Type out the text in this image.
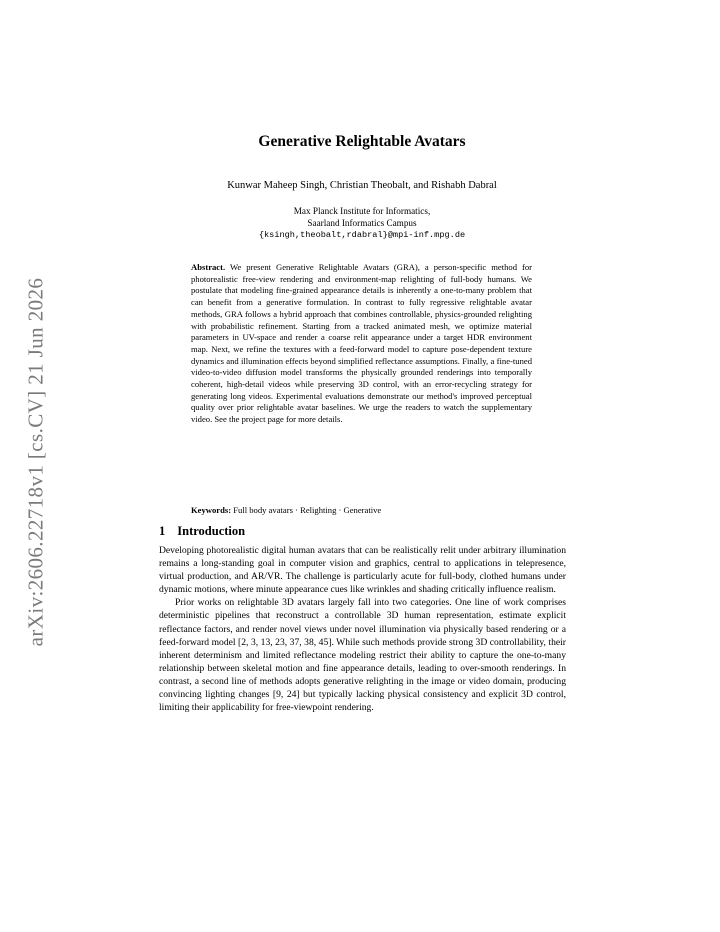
arXiv:2606.22718v1 [cs.CV] 21 Jun 2026
Generative Relightable Avatars
Kunwar Maheep Singh, Christian Theobalt, and Rishabh Dabral
Max Planck Institute for Informatics,
Saarland Informatics Campus
{ksingh,theobalt,rdabral}@mpi-inf.mpg.de
Abstract. We present Generative Relightable Avatars (GRA), a person-specific method for photorealistic free-view rendering and environment-map relighting of full-body humans. We postulate that modeling fine-grained appearance details is inherently a one-to-many problem that can benefit from a generative formulation. In contrast to fully regressive relightable avatar methods, GRA follows a hybrid approach that combines controllable, physics-grounded relighting with probabilistic refinement. Starting from a tracked animated mesh, we optimize material parameters in UV-space and render a coarse relit appearance under a target HDR environment map. Next, we refine the textures with a feed-forward model to capture pose-dependent texture dynamics and illumination effects beyond simplified reflectance assumptions. Finally, a fine-tuned video-to-video diffusion model transforms the physically grounded renderings into temporally coherent, high-detail videos while preserving 3D control, with an error-recycling strategy for generating long videos. Experimental evaluations demonstrate our method's improved perceptual quality over prior relightable avatar baselines. We urge the readers to watch the supplementary video. See the project page for more details.
Keywords: Full body avatars · Relighting · Generative
1 Introduction

Developing photorealistic digital human avatars that can be realistically relit under arbitrary illumination remains a long-standing goal in computer vision and graphics, central to applications in telepresence, virtual production, and AR/VR. The challenge is particularly acute for full-body, clothed humans under dynamic motions, where minute appearance cues like wrinkles and shading critically influence realism.

Prior works on relightable 3D avatars largely fall into two categories. One line of work comprises deterministic pipelines that reconstruct a controllable 3D human representation, estimate explicit reflectance factors, and render novel views under novel illumination via physically based rendering or a feed-forward model [2, 3, 13, 23, 37, 38, 45]. While such methods provide strong 3D controllability, their inherent determinism and limited reflectance modeling restrict their ability to capture the one-to-many relationship between skeletal motion and fine appearance details, leading to over-smooth renderings. In contrast, a second line of methods adopts generative relighting in the image or video domain, producing convincing lighting changes [9, 24] but typically lacking physical consistency and explicit 3D control, limiting their applicability for free-viewpoint rendering.
